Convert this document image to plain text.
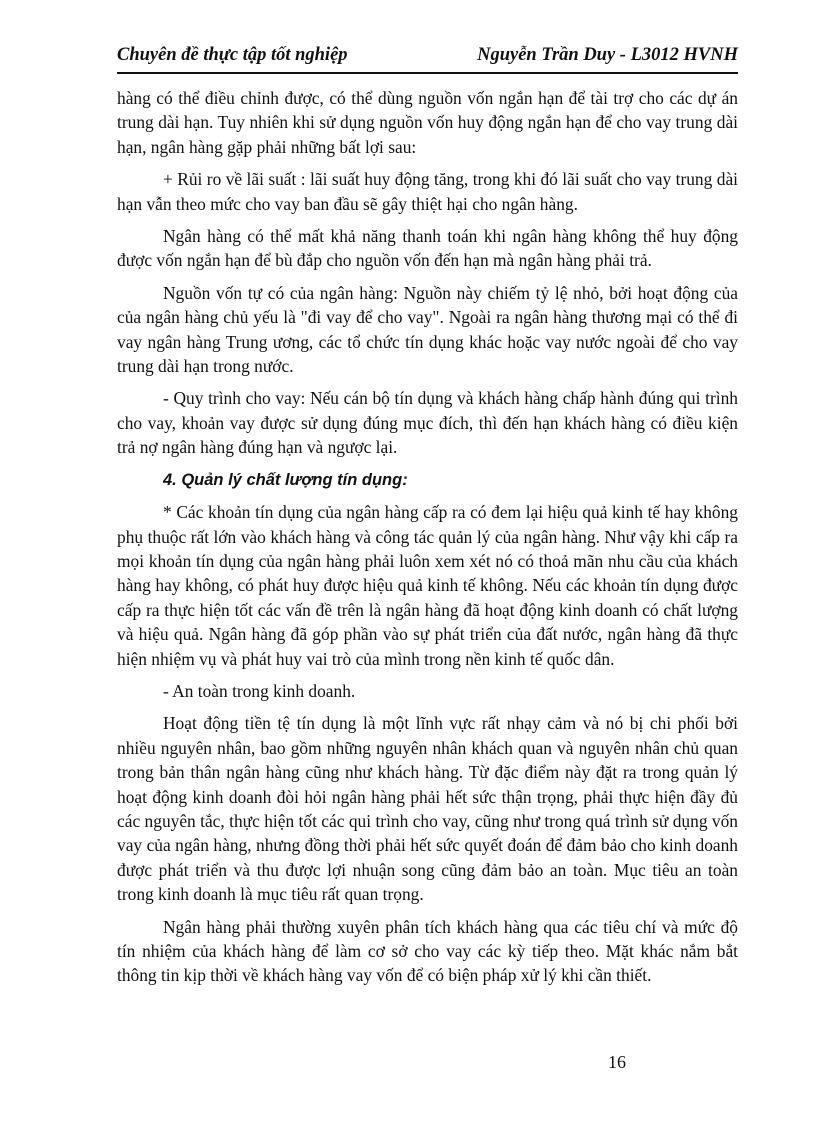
Chuyên đề thực tập tốt nghiệp	Nguyễn Trần Duy - L3012 HVNH

hàng có thể điều chỉnh được, có thể dùng nguồn vốn ngắn hạn để tài trợ cho các dự án trung dài hạn. Tuy nhiên khi sử dụng nguồn vốn huy động ngắn hạn để cho vay trung dài hạn, ngân hàng gặp phải những bất lợi sau:

+ Rủi ro về lãi suất : lãi suất huy động tăng, trong khi đó lãi suất cho vay trung dài hạn vẫn theo mức cho vay ban đầu sẽ gây thiệt hại cho ngân hàng.

Ngân hàng có thể mất khả năng thanh toán khi ngân hàng không thể huy động được vốn ngắn hạn để bù đắp cho nguồn vốn đến hạn mà ngân hàng phải trả.

Nguồn vốn tự có của ngân hàng: Nguồn này chiếm tỷ lệ nhỏ, bởi hoạt động của của ngân hàng chủ yếu là "đi vay để cho vay". Ngoài ra ngân hàng thương mại có thể đi vay ngân hàng Trung ương, các tổ chức tín dụng khác hoặc vay nước ngoài để cho vay trung dài hạn trong nước.

- Quy trình cho vay: Nếu cán bộ tín dụng và khách hàng chấp hành đúng qui trình cho vay, khoản vay được sử dụng đúng mục đích, thì đến hạn khách hàng có điều kiện trả nợ ngân hàng đúng hạn và ngược lại.

4. Quản lý chất lượng tín dụng:

* Các khoản tín dụng của ngân hàng cấp ra có đem lại hiệu quả kinh tế hay không phụ thuộc rất lớn vào khách hàng và công tác quản lý của ngân hàng. Như vậy khi cấp ra mọi khoản tín dụng của ngân hàng phải luôn xem xét nó có thoả mãn nhu cầu của khách hàng hay không, có phát huy được hiệu quả kinh tế không. Nếu các khoản tín dụng được cấp ra thực hiện tốt các vấn đề trên là ngân hàng đã hoạt động kinh doanh có chất lượng và hiệu quả. Ngân hàng đã góp phần vào sự phát triển của đất nước, ngân hàng đã thực hiện nhiệm vụ và phát huy vai trò của mình trong nền kinh tế quốc dân.

- An toàn trong kinh doanh.

Hoạt động tiền tệ tín dụng là một lĩnh vực rất nhạy cảm và nó bị chi phối bởi nhiều nguyên nhân, bao gồm những nguyên nhân khách quan và nguyên nhân chủ quan trong bản thân ngân hàng cũng như khách hàng. Từ đặc điểm này đặt ra trong quản lý hoạt động kinh doanh đòi hỏi ngân hàng phải hết sức thận trọng, phải thực hiện đầy đủ các nguyên tắc, thực hiện tốt các qui trình cho vay, cũng như trong quá trình sử dụng vốn vay của ngân hàng, nhưng đồng thời phải hết sức quyết đoán để đảm bảo cho kinh doanh được phát triển và thu được lợi nhuận song cũng đảm bảo an toàn. Mục tiêu an toàn trong kinh doanh là mục tiêu rất quan trọng.

Ngân hàng phải thường xuyên phân tích khách hàng qua các tiêu chí và mức độ tín nhiệm của khách hàng để làm cơ sở cho vay các kỳ tiếp theo. Mặt khác nắm bắt thông tin kịp thời về khách hàng vay vốn để có biện pháp xử lý khi cần thiết.

16
